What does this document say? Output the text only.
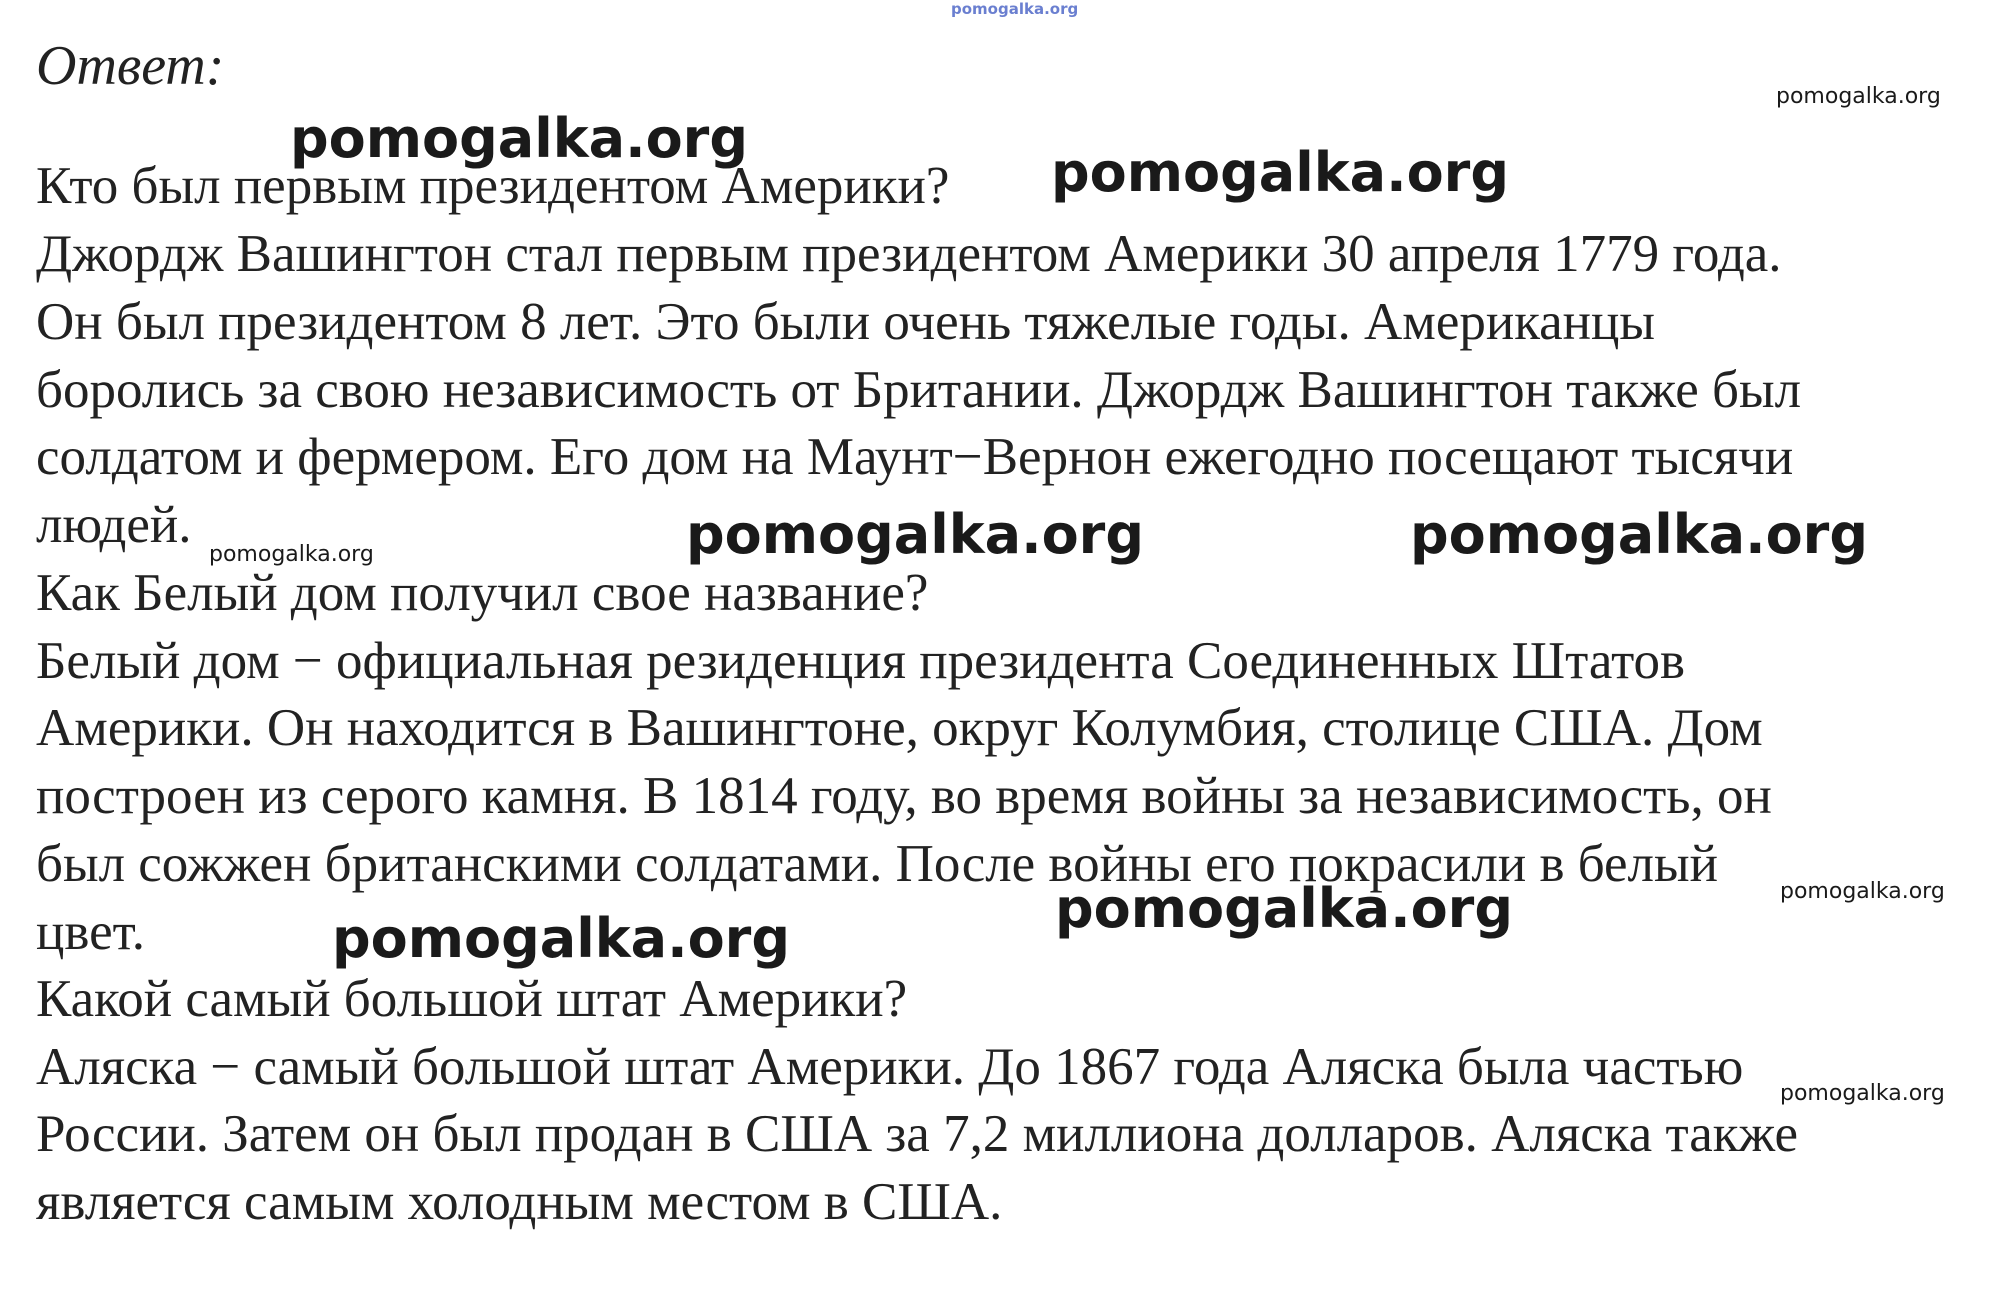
pomogalka.org
Ответ:
Кто был первым президентом Америки?
Джордж Вашингтон стал первым президентом Америки 30 апреля 1779 года.
Он был президентом 8 лет. Это были очень тяжелые годы. Американцы
боролись за свою независимость от Британии. Джордж Вашингтон также был
солдатом и фермером. Его дом на Маунт−Вернон ежегодно посещают тысячи
людей.
Как Белый дом получил свое название?
Белый дом − официальная резиденция президента Соединенных Штатов
Америки. Он находится в Вашингтоне, округ Колумбия, столице США. Дом
построен из серого камня. В 1814 году, во время войны за независимость, он
был сожжен британскими солдатами. После войны его покрасили в белый
цвет.
Какой самый большой штат Америки?
Аляска − самый большой штат Америки. До 1867 года Аляска была частью
России. Затем он был продан в США за 7,2 миллиона долларов. Аляска также
является самым холодным местом в США.
pomogalka.org
pomogalka.org
pomogalka.org
pomogalka.org
pomogalka.org
pomogalka.org
pomogalka.org	pomogalka.org
pomogalka.org	pomogalka.org
